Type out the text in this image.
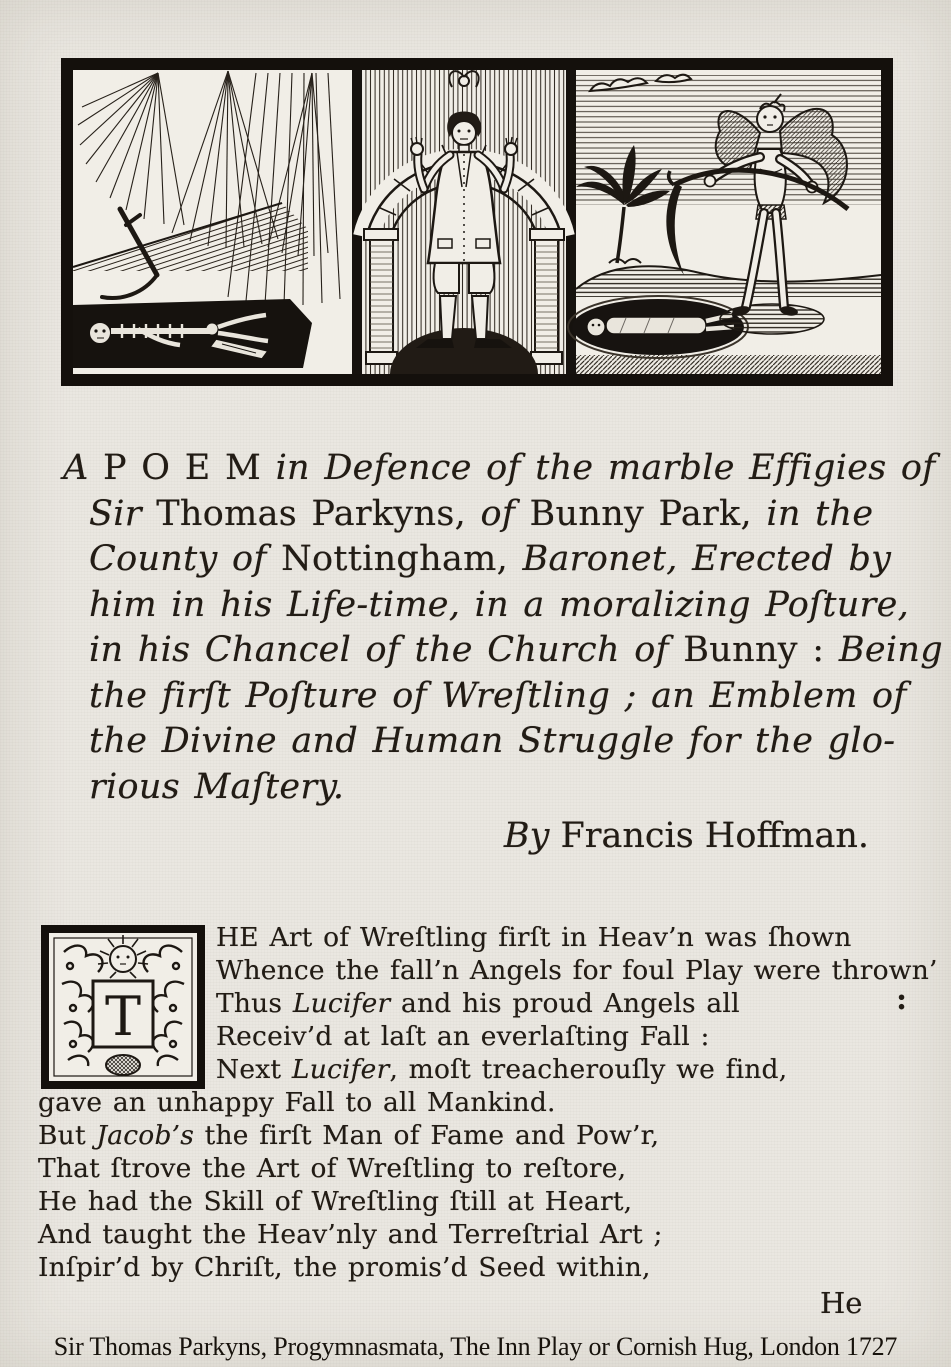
A P O E M in Defence of the marble Effigies of
Sir Thomas Parkyns, of Bunny Park, in the
County of Nottingham, Baronet, Erected by
him in his Life-time, in a moralizing Poſture,
in his Chancel of the Church of Bunny : Being
the firſt Poſture of Wreſtling ; an Emblem of
the Divine and Human Struggle for the glo-
rious Maſtery.
By Francis Hoffman.
T
HE Art of Wreſtling firſt in Heav’n was ſhown
Whence the fall’n Angels for foul Play were thrown’
Thus Lucifer and his proud Angels all
Receiv’d at laſt an everlaſting Fall :
Next Lucifer, moſt treacherouſly we find,
gave an unhappy Fall to all Mankind.
But Jacob’s the firſt Man of Fame and Pow’r,
That ſtrove the Art of Wreſtling to reſtore,
He had the Skill of Wreſtling ſtill at Heart,
And taught the Heav’nly and Terreſtrial Art ;
Inſpir’d by Chriſt, the promis’d Seed within,
:
He
Sir Thomas Parkyns, Progymnasmata, The Inn Play or Cornish Hug, London 1727
